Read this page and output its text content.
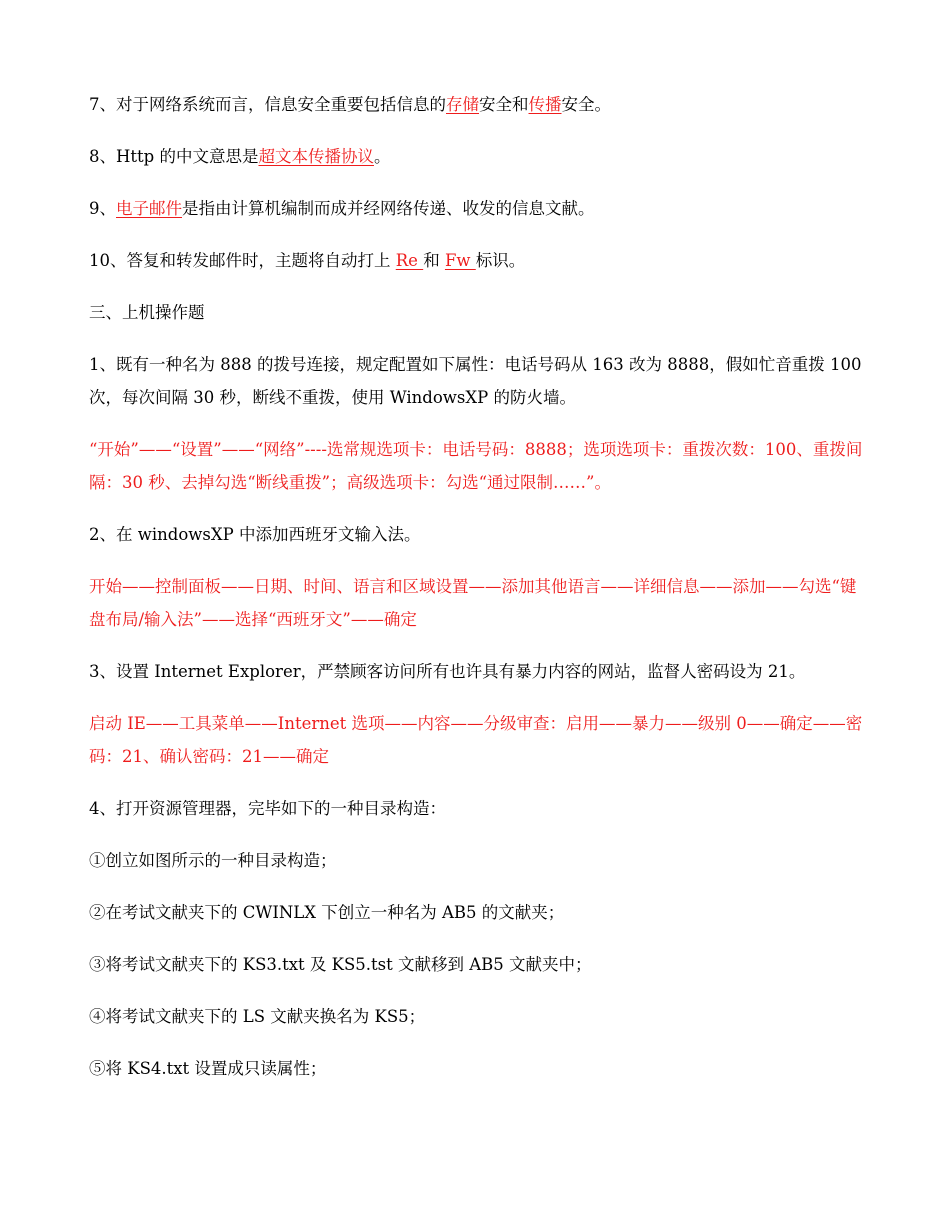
7、对于网络系统而言，信息安全重要包括信息的存储安全和传播安全。

8、Http 的中文意思是超文本传播协议。

9、电子邮件是指由计算机编制而成并经网络传递、收发的信息文献。

10、答复和转发邮件时，主题将自动打上 Re 和 Fw 标识。

三、上机操作题

1、既有一种名为 888 的拨号连接，规定配置如下属性：电话号码从 163 改为 8888，假如忙音重拨 100 次，每次间隔 30 秒，断线不重拨，使用 WindowsXP 的防火墙。

“开始”——“设置”——“网络”----选常规选项卡：电话号码：8888；选项选项卡：重拨次数：100、重拨间隔：30 秒、去掉勾选“断线重拨”；高级选项卡：勾选“通过限制……”。

2、在 windowsXP 中添加西班牙文输入法。

开始——控制面板——日期、时间、语言和区域设置——添加其他语言——详细信息——添加——勾选“键盘布局/输入法”——选择“西班牙文”——确定

3、设置 Internet Explorer，严禁顾客访问所有也许具有暴力内容的网站，监督人密码设为 21。

启动 IE——工具菜单——Internet 选项——内容——分级审查：启用——暴力——级别 0——确定——密码：21、确认密码：21——确定

4、打开资源管理器，完毕如下的一种目录构造：

①创立如图所示的一种目录构造；

②在考试文献夹下的 CWINLX 下创立一种名为 AB5 的文献夹；

③将考试文献夹下的 KS3.txt 及 KS5.tst 文献移到 AB5 文献夹中；

④将考试文献夹下的 LS 文献夹换名为 KS5；

⑤将 KS4.txt 设置成只读属性；
